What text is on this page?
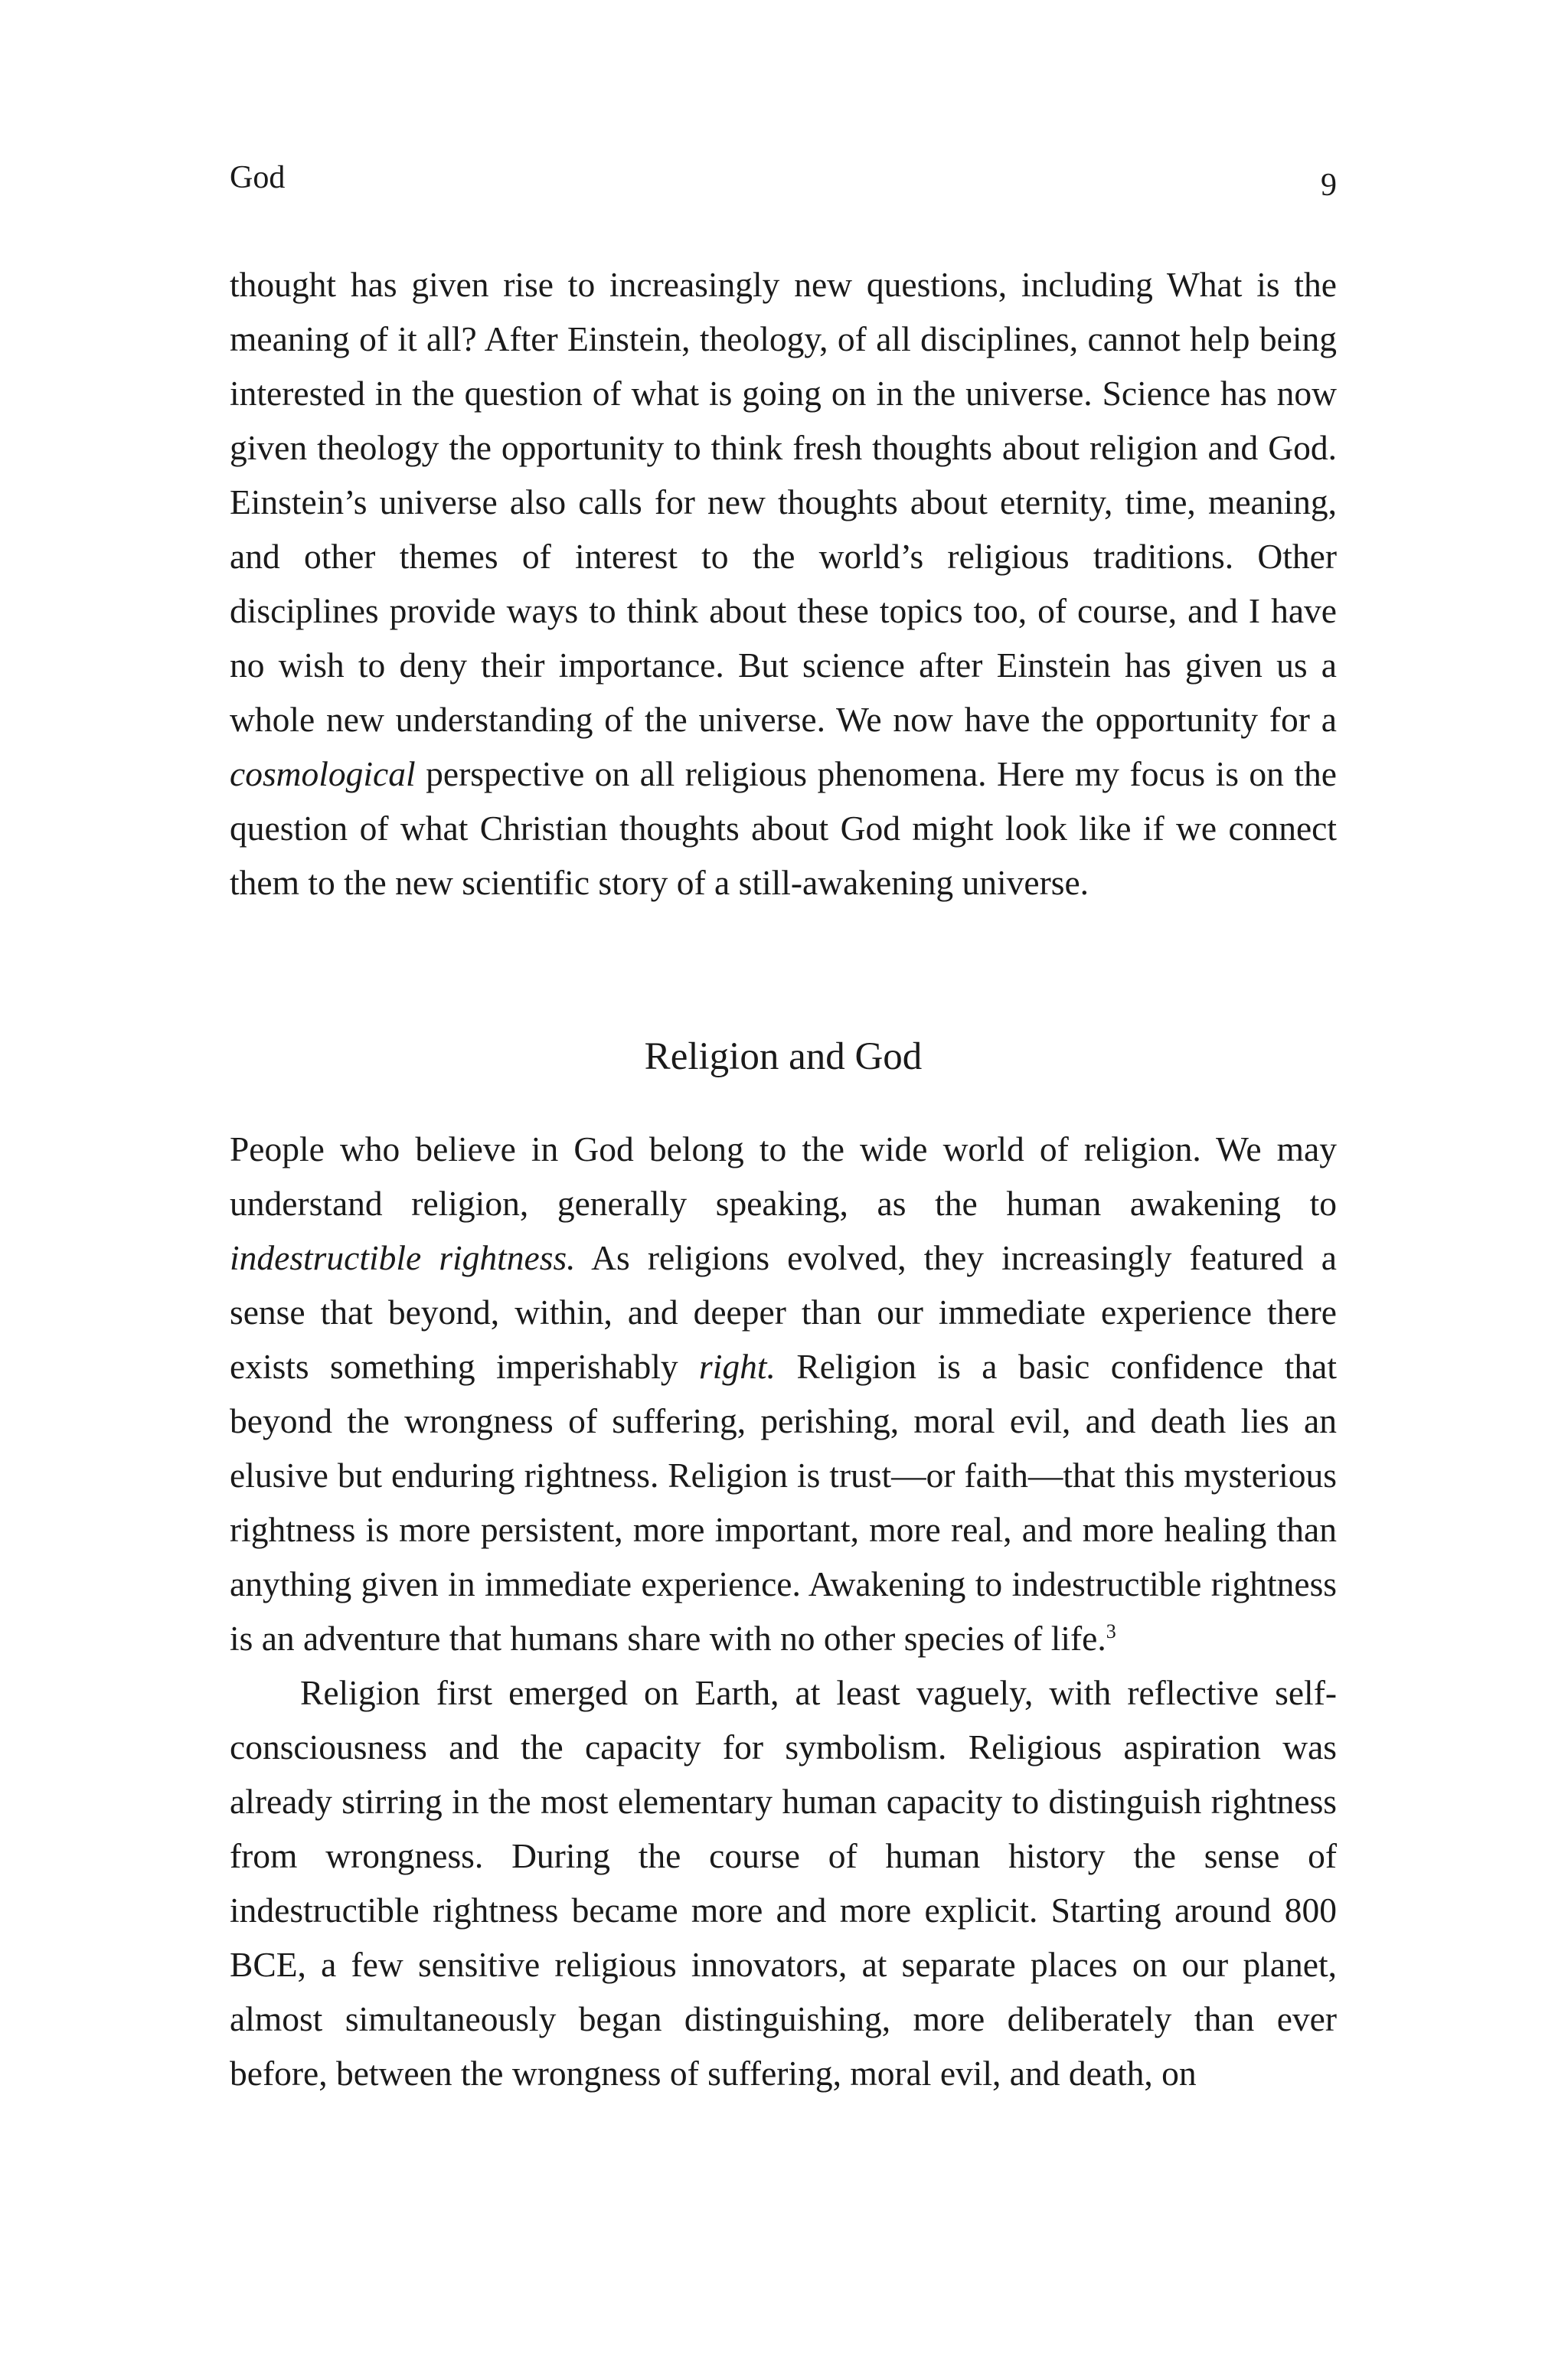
God	9

thought has given rise to increasingly new questions, including What is the meaning of it all? After Einstein, theology, of all disciplines, cannot help being interested in the question of what is going on in the universe. Science has now given theology the opportunity to think fresh thoughts about religion and God. Einstein’s universe also calls for new thoughts about eternity, time, meaning, and other themes of interest to the world’s religious traditions. Other disciplines provide ways to think about these topics too, of course, and I have no wish to deny their importance. But science after Einstein has given us a whole new understanding of the universe. We now have the opportunity for a cosmological perspective on all religious phenomena. Here my focus is on the question of what Christian thoughts about God might look like if we connect them to the new scientific story of a still-awakening universe.

Religion and God

People who believe in God belong to the wide world of religion. We may understand religion, generally speaking, as the human awakening to indestructible rightness. As religions evolved, they increasingly featured a sense that beyond, within, and deeper than our immediate experience there exists something imperishably right. Religion is a basic confidence that beyond the wrongness of suffering, perishing, moral evil, and death lies an elusive but enduring rightness. Religion is trust—or faith—that this mysterious rightness is more persistent, more important, more real, and more healing than anything given in immediate experience. Awakening to indestructible rightness is an adventure that humans share with no other species of life.$^3$

Religion first emerged on Earth, at least vaguely, with reflective self-consciousness and the capacity for symbolism. Religious aspiration was already stirring in the most elementary human capacity to distinguish rightness from wrongness. During the course of human history the sense of indestructible rightness became more and more explicit. Starting around 800 BCE, a few sensitive religious innovators, at separate places on our planet, almost simultaneously began distinguishing, more deliberately than ever before, between the wrongness of suffering, moral evil, and death, on
